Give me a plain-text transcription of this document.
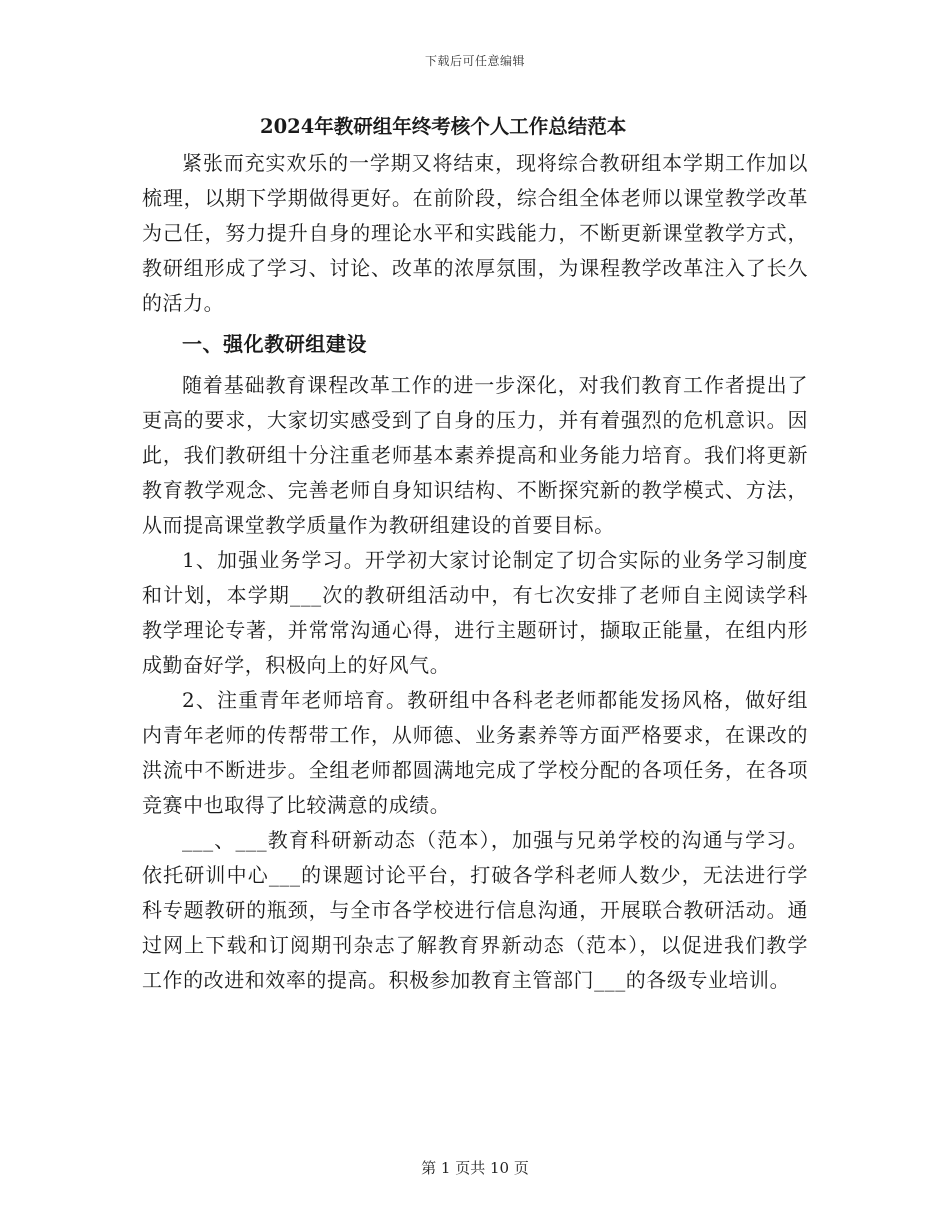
下载后可任意编辑
2024年教研组年终考核个人工作总结范本

紧张而充实欢乐的一学期又将结束，现将综合教研组本学期工作加以梳理，以期下学期做得更好。在前阶段，综合组全体老师以课堂教学改革为己任，努力提升自身的理论水平和实践能力，不断更新课堂教学方式，教研组形成了学习、讨论、改革的浓厚氛围，为课程教学改革注入了长久的活力。

一、强化教研组建设

随着基础教育课程改革工作的进一步深化，对我们教育工作者提出了更高的要求，大家切实感受到了自身的压力，并有着强烈的危机意识。因此，我们教研组十分注重老师基本素养提高和业务能力培育。我们将更新教育教学观念、完善老师自身知识结构、不断探究新的教学模式、方法，从而提高课堂教学质量作为教研组建设的首要目标。

1、加强业务学习。开学初大家讨论制定了切合实际的业务学习制度和计划，本学期___次的教研组活动中，有七次安排了老师自主阅读学科教学理论专著，并常常沟通心得，进行主题研讨，撷取正能量，在组内形成勤奋好学，积极向上的好风气。

2、注重青年老师培育。教研组中各科老老师都能发扬风格，做好组内青年老师的传帮带工作，从师德、业务素养等方面严格要求，在课改的洪流中不断进步。全组老师都圆满地完成了学校分配的各项任务，在各项竞赛中也取得了比较满意的成绩。

___、___教育科研新动态（范本），加强与兄弟学校的沟通与学习。依托研训中心___的课题讨论平台，打破各学科老师人数少，无法进行学科专题教研的瓶颈，与全市各学校进行信息沟通，开展联合教研活动。通过网上下载和订阅期刊杂志了解教育界新动态（范本），以促进我们教学工作的改进和效率的提高。积极参加教育主管部门___的各级专业培训。

第 1 页共 10 页
